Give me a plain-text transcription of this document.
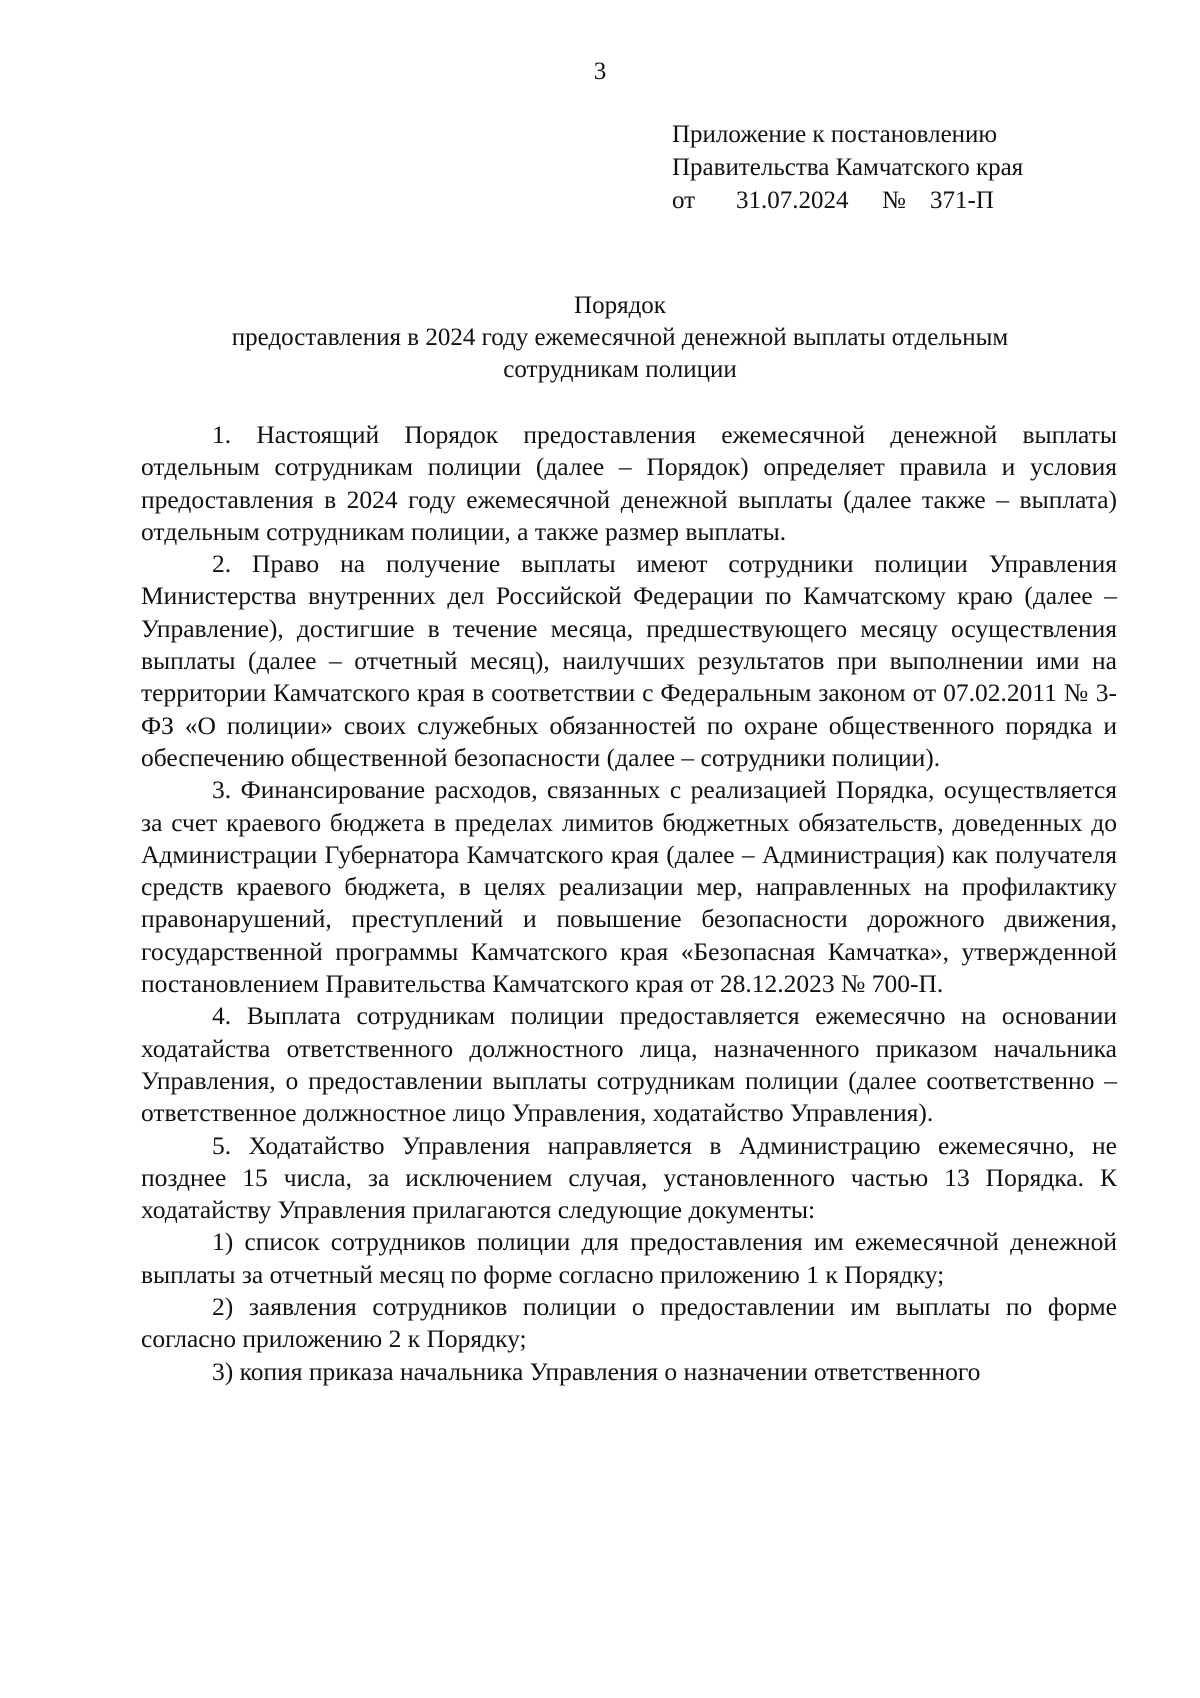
3
Приложение к постановлению
Правительства Камчатского края
от 31.07.2024 № 371-П
Порядок
предоставления в 2024 году ежемесячной денежной выплаты отдельным
сотрудникам полиции

1. Настоящий Порядок предоставления ежемесячной денежной выплаты отдельным сотрудникам полиции (далее – Порядок) определяет правила и условия предоставления в 2024 году ежемесячной денежной выплаты (далее также – выплата) отдельным сотрудникам полиции, а также размер выплаты.

2. Право на получение выплаты имеют сотрудники полиции Управления Министерства внутренних дел Российской Федерации по Камчатскому краю (далее – Управление), достигшие в течение месяца, предшествующего месяцу осуществления выплаты (далее – отчетный месяц), наилучших результатов при выполнении ими на территории Камчатского края в соответствии с Федеральным законом от 07.02.2011 № 3-ФЗ «О полиции» своих служебных обязанностей по охране общественного порядка и обеспечению общественной безопасности (далее – сотрудники полиции).

3. Финансирование расходов, связанных с реализацией Порядка, осуществляется за счет краевого бюджета в пределах лимитов бюджетных обязательств, доведенных до Администрации Губернатора Камчатского края (далее – Администрация) как получателя средств краевого бюджета, в целях реализации мер, направленных на профилактику правонарушений, преступлений и повышение безопасности дорожного движения, государственной программы Камчатского края «Безопасная Камчатка», утвержденной постановлением Правительства Камчатского края от 28.12.2023 № 700-П.

4. Выплата сотрудникам полиции предоставляется ежемесячно на основании ходатайства ответственного должностного лица, назначенного приказом начальника Управления, о предоставлении выплаты сотрудникам полиции (далее соответственно – ответственное должностное лицо Управления, ходатайство Управления).

5. Ходатайство Управления направляется в Администрацию ежемесячно, не позднее 15 числа, за исключением случая, установленного частью 13 Порядка. К ходатайству Управления прилагаются следующие документы:

1) список сотрудников полиции для предоставления им ежемесячной денежной выплаты за отчетный месяц по форме согласно приложению 1 к Порядку;

2) заявления сотрудников полиции о предоставлении им выплаты по форме согласно приложению 2 к Порядку;

3) копия приказа начальника Управления о назначении ответственного
